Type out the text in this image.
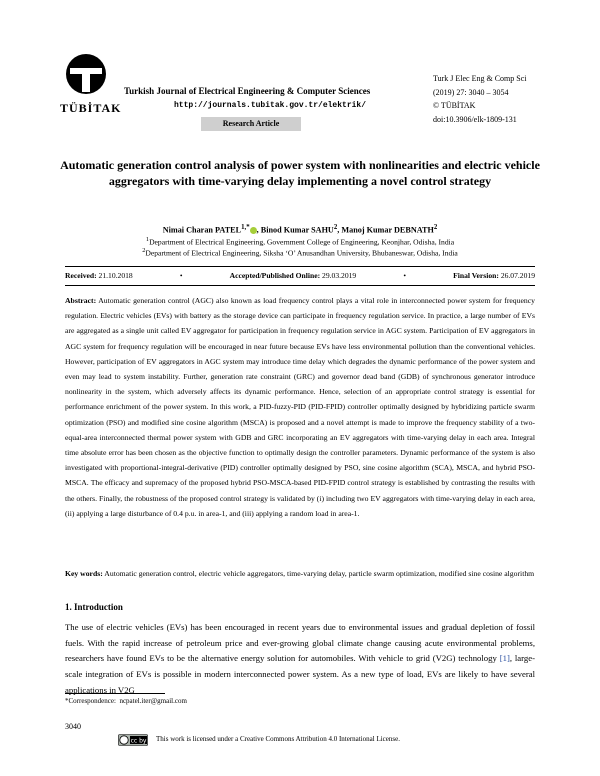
TÜBİTAK
Turkish Journal of Electrical Engineering & Computer Sciences
http://journals.tubitak.gov.tr/elektrik/
Research Article
Turk J Elec Eng & Comp Sci
(2019) 27: 3040 – 3054
© TÜBİTAK
doi:10.3906/elk-1809-131
Automatic generation control analysis of power system with nonlinearities and electric vehicle aggregators with time-varying delay implementing a novel control strategy
Nimai Charan $PATEL^{1,*}$ , Binod Kumar SAHU$^2$, Manoj Kumar DEBNATH$^2$
$^1$Department of Electrical Engineering, Government College of Engineering, Keonjhar, Odisha, India
$^2$Department of Electrical Engineering, Siksha ‘O’ Anusandhan University, Bhubaneswar, Odisha, India
Received: 21.10.2018	•	Accepted/Published Online: 29.03.2019	•	Final Version: 26.07.2019
Abstract: Automatic generation control (AGC) also known as load frequency control plays a vital role in interconnected power system for frequency regulation. Electric vehicles (EVs) with battery as the storage device can participate in frequency regulation service. In practice, a large number of EVs are aggregated as a single unit called EV aggregator for participation in frequency regulation service in AGC system. Participation of EV aggregators in AGC system for frequency regulation will be encouraged in near future because EVs have less environmental pollution than the conventional vehicles. However, participation of EV aggregators in AGC system may introduce time delay which degrades the dynamic performance of the power system and even may lead to system instability. Further, generation rate constraint (GRC) and governor dead band (GDB) of synchronous generator introduce nonlinearity in the system, which adversely affects its dynamic performance. Hence, selection of an appropriate control strategy is essential for performance enrichment of the power system. In this work, a PID-fuzzy-PID (PID-FPID) controller optimally designed by hybridizing particle swarm optimization (PSO) and modified sine cosine algorithm (MSCA) is proposed and a novel attempt is made to improve the frequency stability of a two-equal-area interconnected thermal power system with GDB and GRC incorporating an EV aggregators with time-varying delay in each area. Integral time absolute error has been chosen as the objective function to optimally design the controller parameters. Dynamic performance of the system is also investigated with proportional-integral-derivative (PID) controller optimally designed by PSO, sine cosine algorithm (SCA), MSCA, and hybrid PSO-MSCA. The efficacy and supremacy of the proposed hybrid PSO-MSCA-based PID-FPID control strategy is established by contrasting the results with the others. Finally, the robustness of the proposed control strategy is validated by (i) including two EV aggregators with time-varying delay in each area, (ii) applying a large disturbance of 0.4 p.u. in area-1, and (iii) applying a random load in area-1.
Key words: Automatic generation control, electric vehicle aggregators, time-varying delay, particle swarm optimization, modified sine cosine algorithm
1. Introduction
The use of electric vehicles (EVs) has been encouraged in recent years due to environmental issues and gradual depletion of fossil fuels. With the rapid increase of petroleum price and ever-growing global climate change causing acute environmental problems, researchers have found EVs to be the alternative energy solution for automobiles. With vehicle to grid (V2G) technology [1], large-scale integration of EVs is possible in modern interconnected power system. As a new type of load, EVs are likely to have several applications in V2G
*Correspondence: ncpatel.iter@gmail.com
3040
cc by This work is licensed under a Creative Commons Attribution 4.0 International License.
